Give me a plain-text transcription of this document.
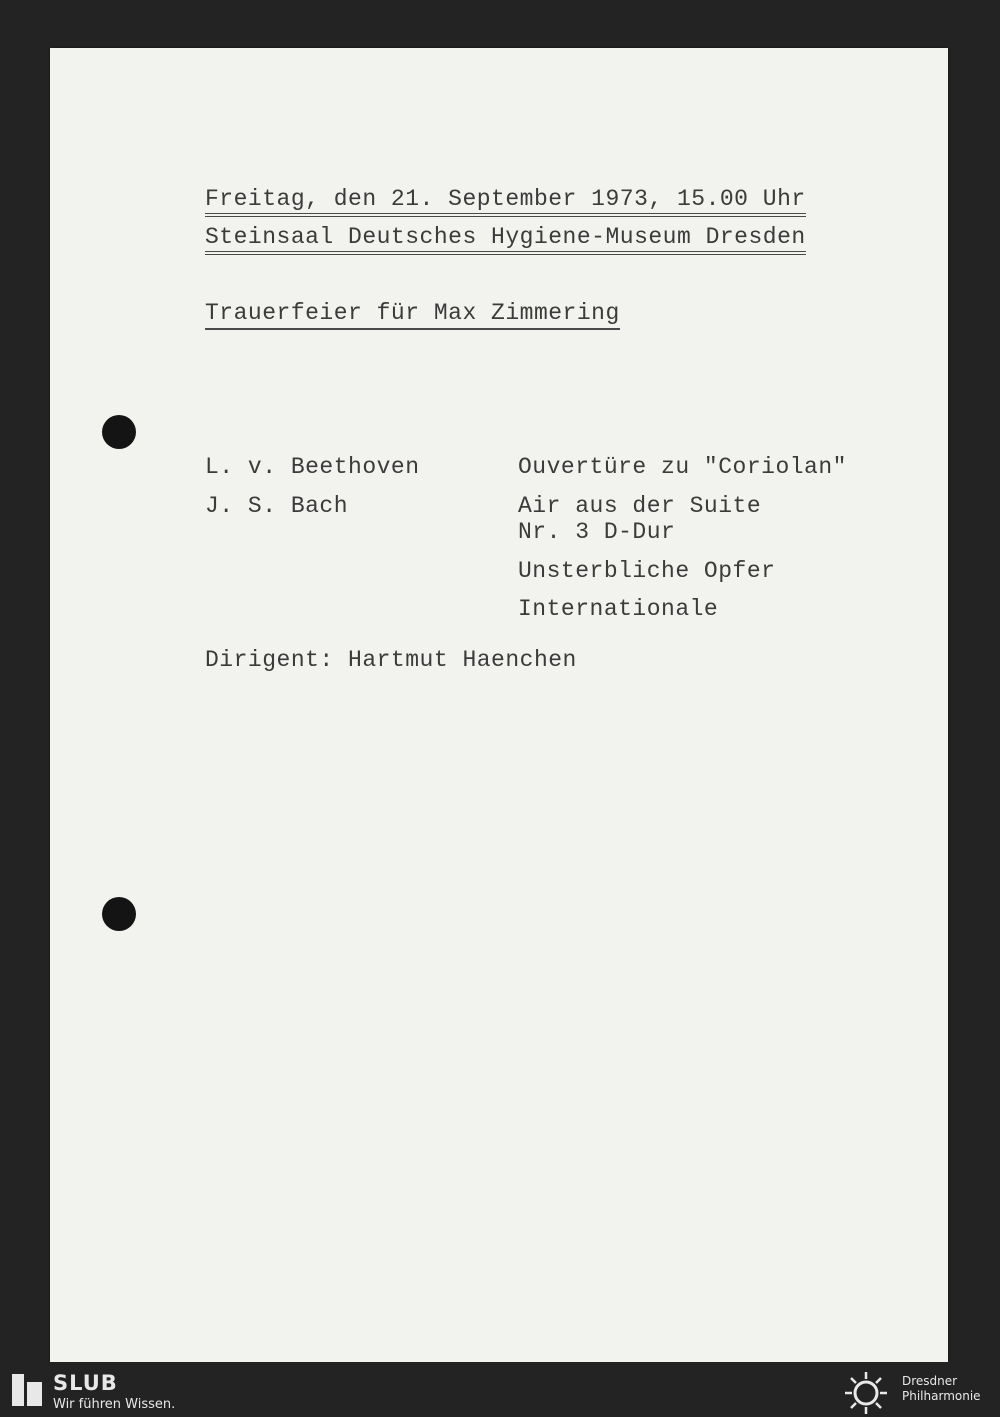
Freitag, den 21. September 1973, 15.00 Uhr
Steinsaal Deutsches Hygiene-Museum Dresden
Trauerfeier für Max Zimmering
L. v. Beethoven	Ouvertüre zu "Coriolan"
J. S. Bach	Air aus der Suite
Nr. 3 D-Dur
Unsterbliche Opfer
Internationale
Dirigent: Hartmut Haenchen
SLUB
Wir führen Wissen.
Dresdner
Philharmonie
